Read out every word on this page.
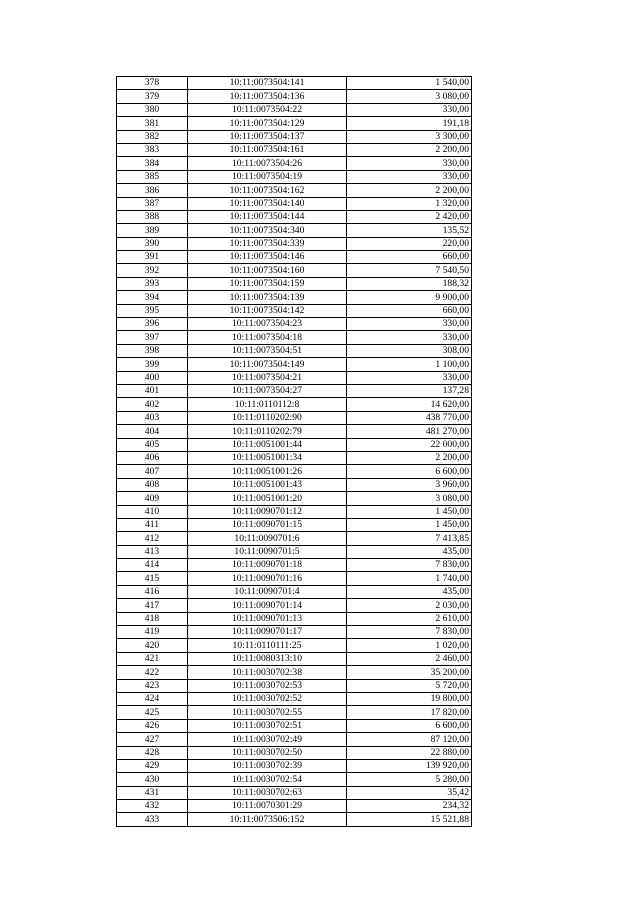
378	10:11:0073504:141	1 540,00
379	10:11:0073504:136	3 080,00
380	10:11:0073504:22	330,00
381	10:11:0073504:129	191,18
382	10:11:0073504:137	3 300,00
383	10:11:0073504:161	2 200,00
384	10:11:0073504:26	330,00
385	10:11:0073504:19	330,00
386	10:11:0073504:162	2 200,00
387	10:11:0073504:140	1 320,00
388	10:11:0073504:144	2 420,00
389	10:11:0073504:340	135,52
390	10:11:0073504:339	220,00
391	10:11:0073504:146	660,00
392	10:11:0073504:160	7 540,50
393	10:11:0073504:159	188,32
394	10:11:0073504:139	9 900,00
395	10:11:0073504:142	660,00
396	10:11:0073504:23	330,00
397	10:11:0073504:18	330,00
398	10:11:0073504:51	308,00
399	10:11:0073504:149	1 100,00
400	10:11:0073504:21	330,00
401	10:11:0073504:27	137,28
402	10:11:0110112:8	14 620,00
403	10:11:0110202:90	438 770,00
404	10:11:0110202:79	481 270,00
405	10:11:0051001:44	22 000,00
406	10:11:0051001:34	2 200,00
407	10:11:0051001:26	6 600,00
408	10:11:0051001:43	3 960,00
409	10:11:0051001:20	3 080,00
410	10:11:0090701:12	1 450,00
411	10:11:0090701:15	1 450,00
412	10:11:0090701:6	7 413,85
413	10:11:0090701:5	435,00
414	10:11:0090701:18	7 830,00
415	10:11:0090701:16	1 740,00
416	10:11:0090701:4	435,00
417	10:11:0090701:14	2 030,00
418	10:11:0090701:13	2 610,00
419	10:11:0090701:17	7 830,00
420	10:11:0110111:25	1 020,00
421	10:11:0080313:10	2 460,00
422	10:11:0030702:38	35 200,00
423	10:11:0030702:53	5 720,00
424	10:11:0030702:52	19 800,00
425	10:11:0030702:55	17 820,00
426	10:11:0030702:51	6 600,00
427	10:11:0030702:49	87 120,00
428	10:11:0030702:50	22 880,00
429	10:11:0030702:39	139 920,00
430	10:11:0030702:54	5 280,00
431	10:11:0030702:63	35,42
432	10:11:0070301:29	234,32
433	10:11:0073506:152	15 521,88
